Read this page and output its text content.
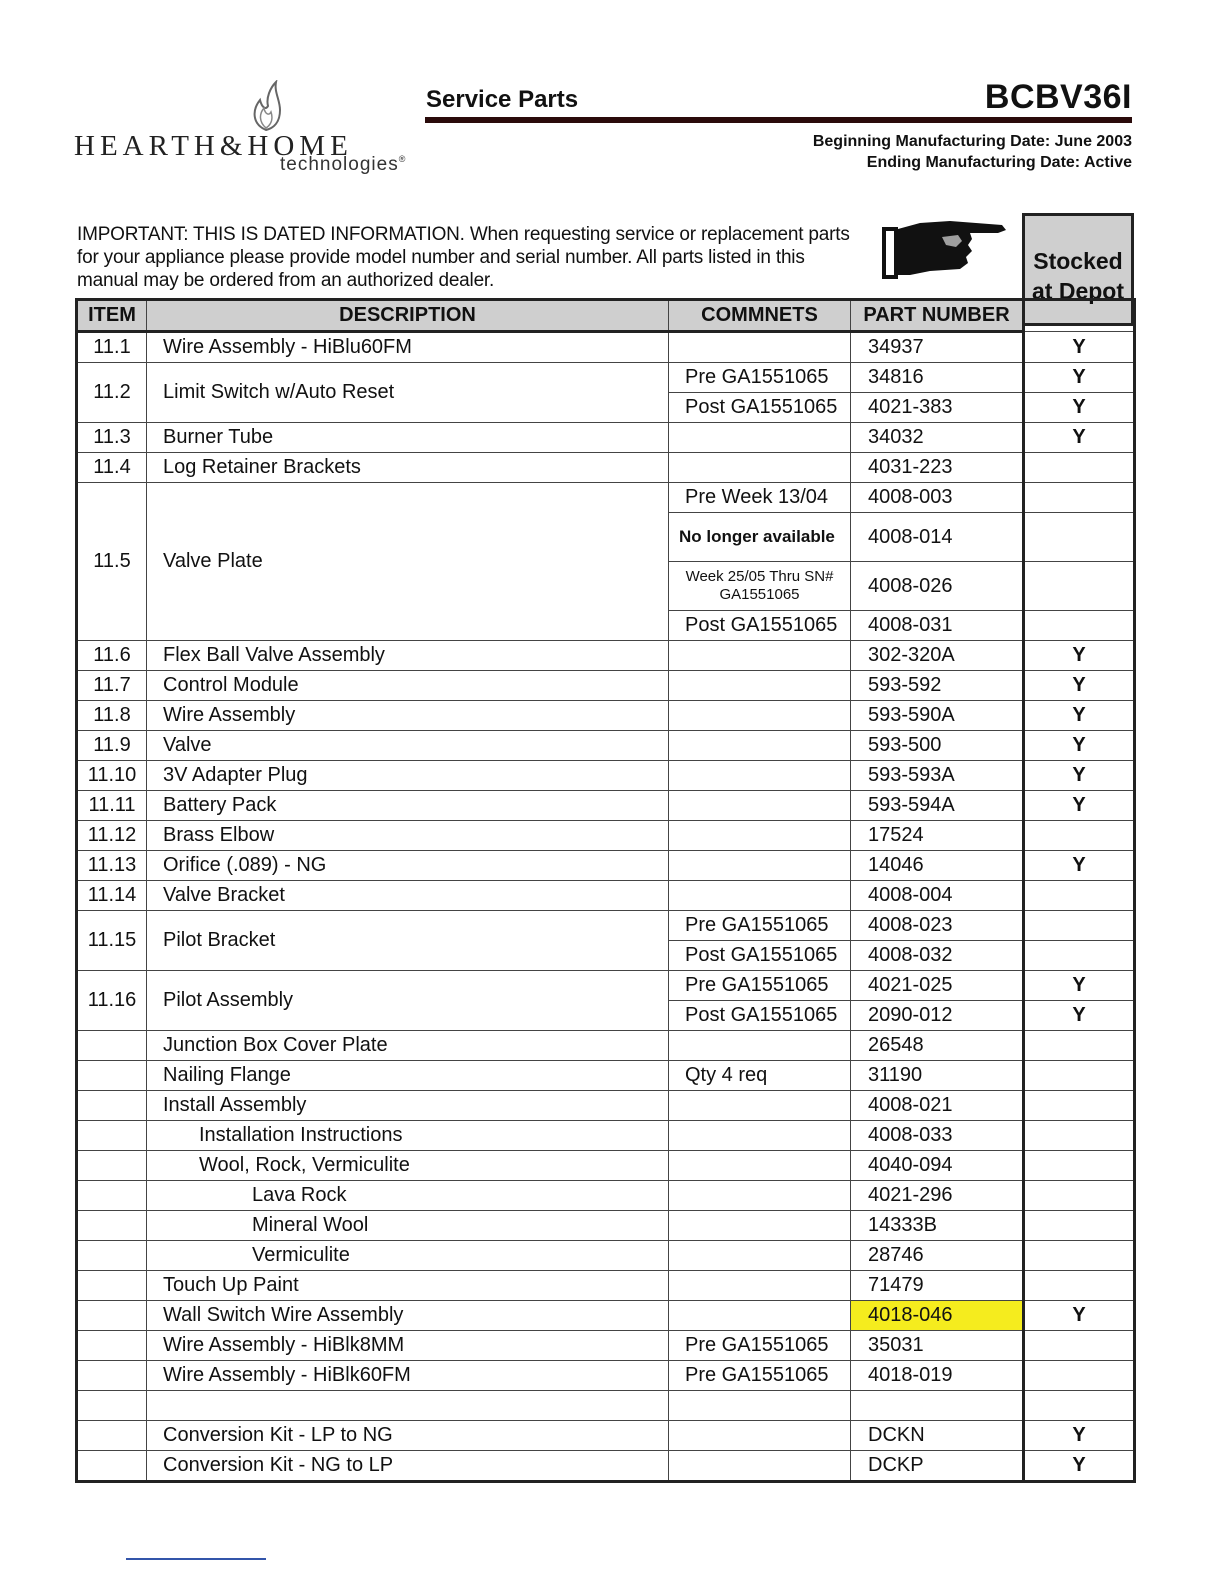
HEARTH&HOME
technologies®
Service Parts	BCBV36I
Beginning Manufacturing Date: June 2003
Ending Manufacturing Date: Active
IMPORTANT: THIS IS DATED INFORMATION. When requesting service or replacement parts for your appliance please provide model number and serial number. All parts listed in this manual may be ordered from an authorized dealer.
Stocked
at Depot
ITEM	DESCRIPTION	COMMNETS	PART NUMBER	
11.1	Wire Assembly - HiBlu60FM		34937	Y
11.2	Limit Switch w/Auto Reset	Pre GA1551065	34816	Y
		Post GA1551065	4021-383	Y
11.3	Burner Tube		34032	Y
11.4	Log Retainer Brackets		4031-223	
11.5	Valve Plate	Pre Week 13/04	4008-003	
		No longer available	4008-014	
		Week 25/05 Thru SN# GA1551065	4008-026	
		Post GA1551065	4008-031	
11.6	Flex Ball Valve Assembly		302-320A	Y
11.7	Control Module		593-592	Y
11.8	Wire Assembly		593-590A	Y
11.9	Valve		593-500	Y
11.10	3V Adapter Plug		593-593A	Y
11.11	Battery Pack		593-594A	Y
11.12	Brass Elbow		17524	
11.13	Orifice (.089) - NG		14046	Y
11.14	Valve Bracket		4008-004	
11.15	Pilot Bracket	Pre GA1551065	4008-023	
		Post GA1551065	4008-032	
11.16	Pilot Assembly	Pre GA1551065	4021-025	Y
		Post GA1551065	2090-012	Y
	Junction Box Cover Plate		26548	
	Nailing Flange	Qty 4 req	31190	
	Install Assembly		4008-021	
	Installation Instructions		4008-033	
	Wool, Rock, Vermiculite		4040-094	
	Lava Rock		4021-296	
	Mineral Wool		14333B	
	Vermiculite		28746	
	Touch Up Paint		71479	
	Wall Switch Wire Assembly		4018-046	Y
	Wire Assembly - HiBlk8MM	Pre GA1551065	35031	
	Wire Assembly - HiBlk60FM	Pre GA1551065	4018-019	

	Conversion Kit - LP to NG		DCKN	Y
	Conversion Kit - NG to LP		DCKP	Y
